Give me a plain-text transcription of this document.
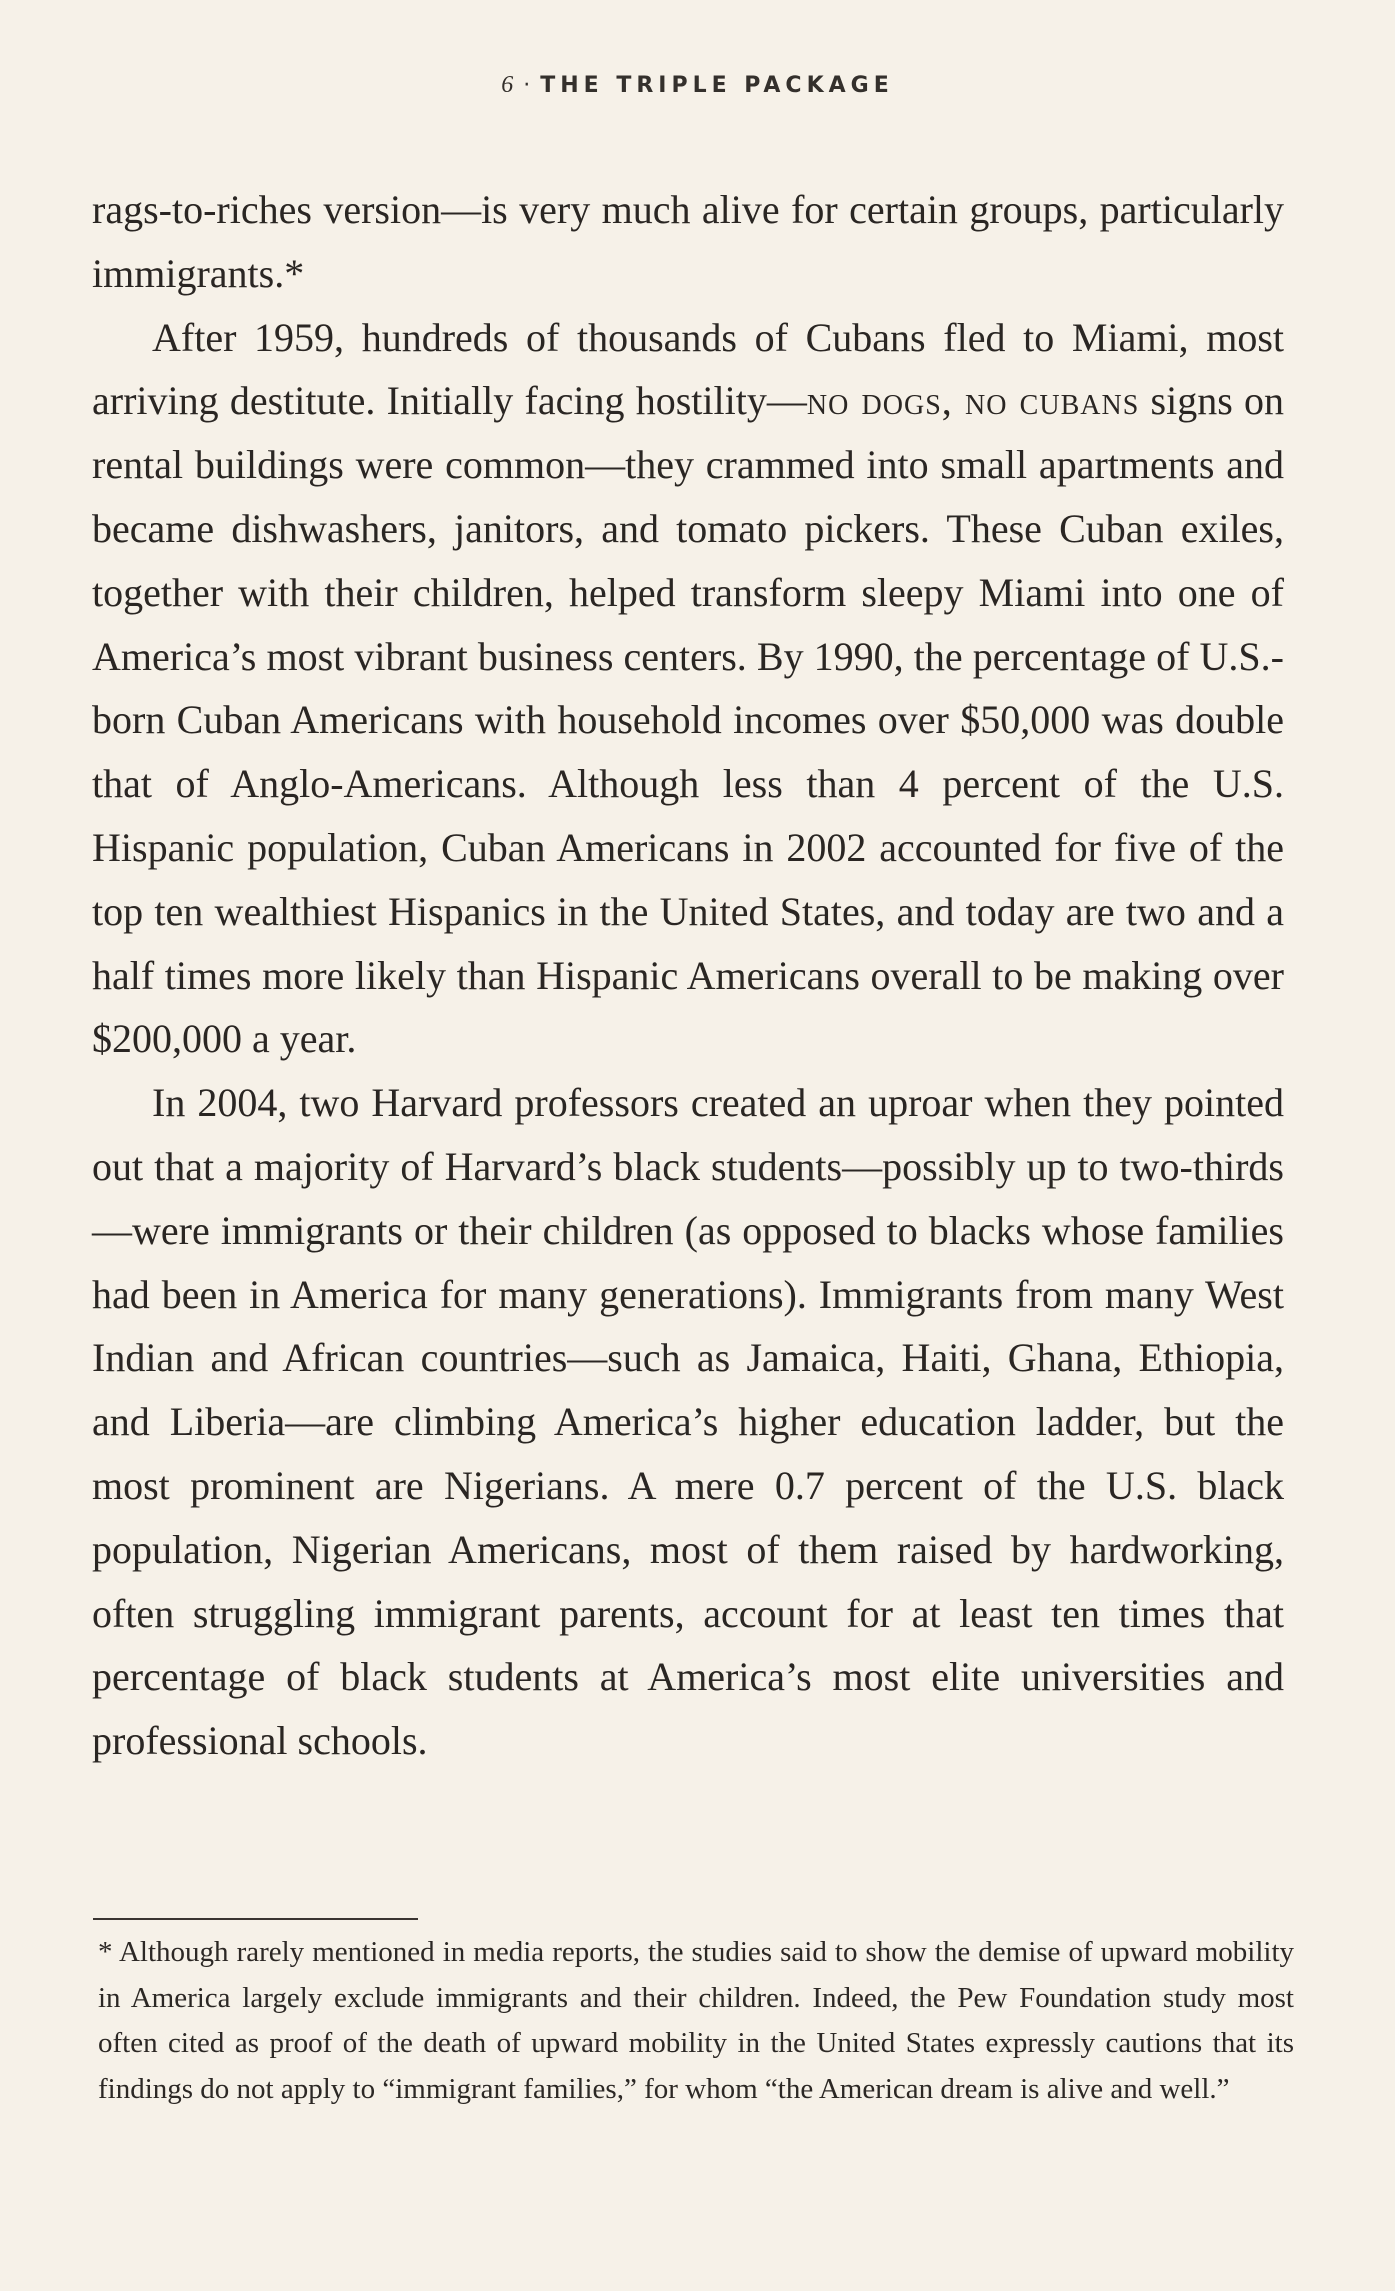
6 · THE TRIPLE PACKAGE

rags-to-riches version—is very much alive for certain groups, particularly immigrants.*

After 1959, hundreds of thousands of Cubans fled to Miami, most arriving destitute. Initially facing hostility—no dogs, no cubans signs on rental buildings were common—they crammed into small apartments and became dishwashers, janitors, and tomato pickers. These Cuban exiles, together with their children, helped transform sleepy Miami into one of America’s most vibrant business centers. By 1990, the percentage of U.S.-born Cuban Americans with household incomes over $50,000 was double that of Anglo-Americans. Although less than 4 percent of the U.S. Hispanic population, Cuban Americans in 2002 accounted for five of the top ten wealthiest Hispanics in the United States, and today are two and a half times more likely than Hispanic Americans overall to be making over $200,000 a year.

In 2004, two Harvard professors created an uproar when they pointed out that a majority of Harvard’s black students—possibly up to two-thirds—were immigrants or their children (as opposed to blacks whose families had been in America for many generations). Immigrants from many West Indian and African countries—such as Jamaica, Haiti, Ghana, Ethiopia, and Liberia—are climbing America’s higher education ladder, but the most prominent are Nigerians. A mere 0.7 percent of the U.S. black population, Nigerian Americans, most of them raised by hardworking, often struggling immigrant parents, account for at least ten times that percentage of black students at America’s most elite universities and professional schools.

* Although rarely mentioned in media reports, the studies said to show the demise of upward mobility in America largely exclude immigrants and their children. Indeed, the Pew Foundation study most often cited as proof of the death of upward mobility in the United States expressly cautions that its findings do not apply to “immigrant families,” for whom “the American dream is alive and well.”
